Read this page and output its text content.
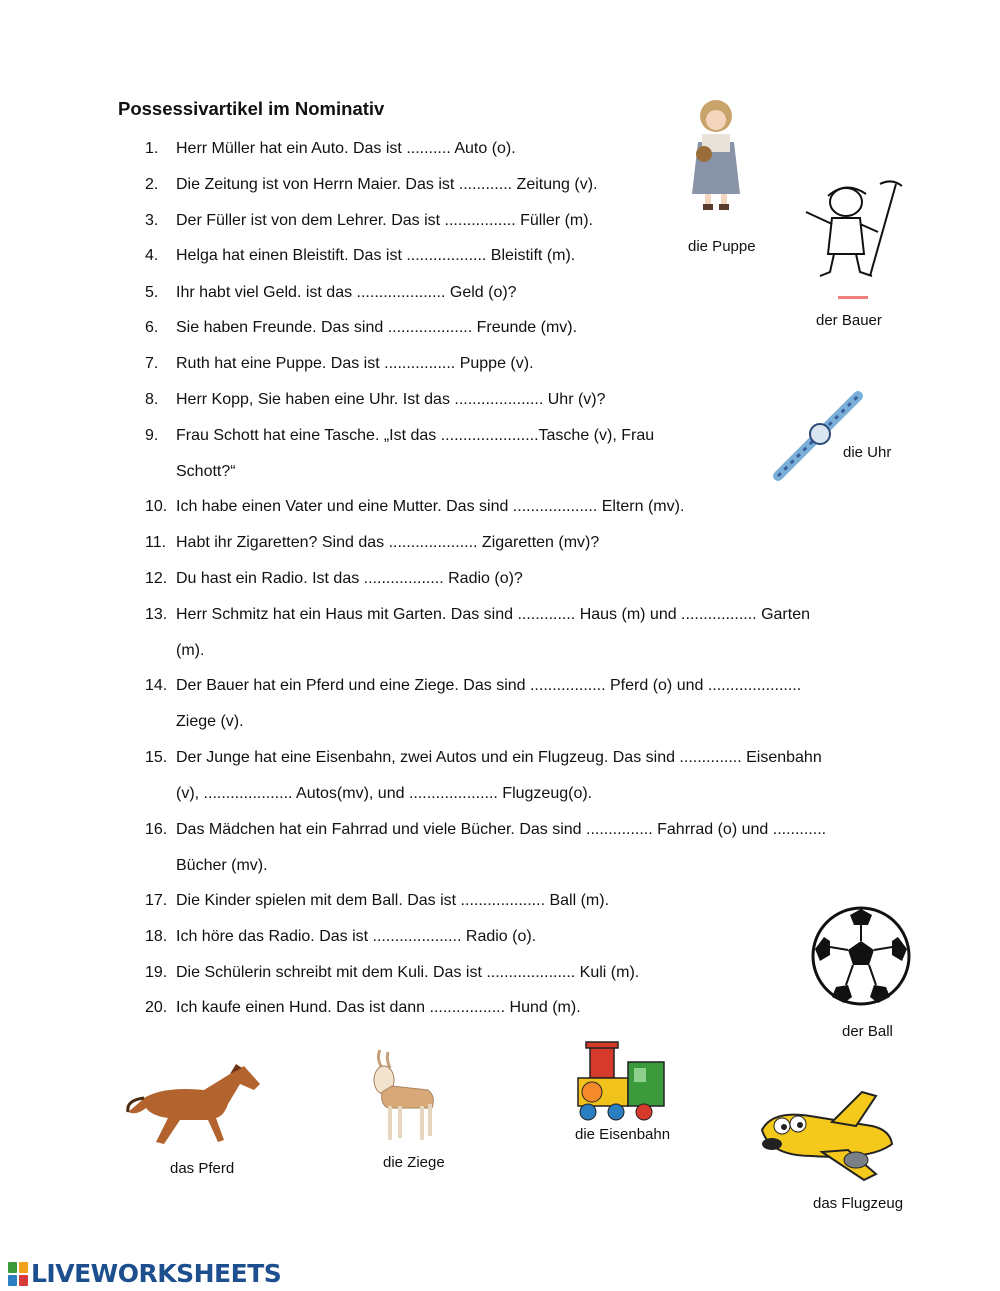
Possessivartikel im Nominativ
1. Herr Müller hat ein Auto. Das ist .......... Auto (o).
2. Die Zeitung ist von Herrn Maier. Das ist ............ Zeitung (v).
3. Der Füller ist von dem Lehrer. Das ist ................ Füller (m).
4. Helga hat einen Bleistift. Das ist .................. Bleistift (m).
5. Ihr habt viel Geld. ist das .................... Geld (o)?
6. Sie haben Freunde. Das sind ................... Freunde (mv).
7. Ruth hat eine Puppe. Das ist ................ Puppe (v).
8. Herr Kopp, Sie haben eine Uhr. Ist das .................... Uhr (v)?
9. Frau Schott hat eine Tasche. „Ist das ......................Tasche (v), Frau
Schott?“
10. Ich habe einen Vater und eine Mutter. Das sind ................... Eltern (mv).
11. Habt ihr Zigaretten? Sind das .................... Zigaretten (mv)?
12. Du hast ein Radio. Ist das .................. Radio (o)?
13. Herr Schmitz hat ein Haus mit Garten. Das sind ............. Haus (m) und ................. Garten
(m).
14. Der Bauer hat ein Pferd und eine Ziege. Das sind ................. Pferd (o) und .....................
Ziege (v).
15. Der Junge hat eine Eisenbahn, zwei Autos und ein Flugzeug. Das sind .............. Eisenbahn
(v), .................... Autos(mv), und .................... Flugzeug(o).
16. Das Mädchen hat ein Fahrrad und viele Bücher. Das sind ............... Fahrrad (o) und ............
Bücher (mv).
17. Die Kinder spielen mit dem Ball. Das ist ................... Ball (m).
18. Ich höre das Radio. Das ist .................... Radio (o).
19. Die Schülerin schreibt mit dem Kuli. Das ist .................... Kuli (m).
20. Ich kaufe einen Hund. Das ist dann ................. Hund (m).
die Puppe
der Bauer
die Uhr
der Ball
das Pferd	die Ziege
die Eisenbahn
das Flugzeug
LIVEWORKSHEETS
